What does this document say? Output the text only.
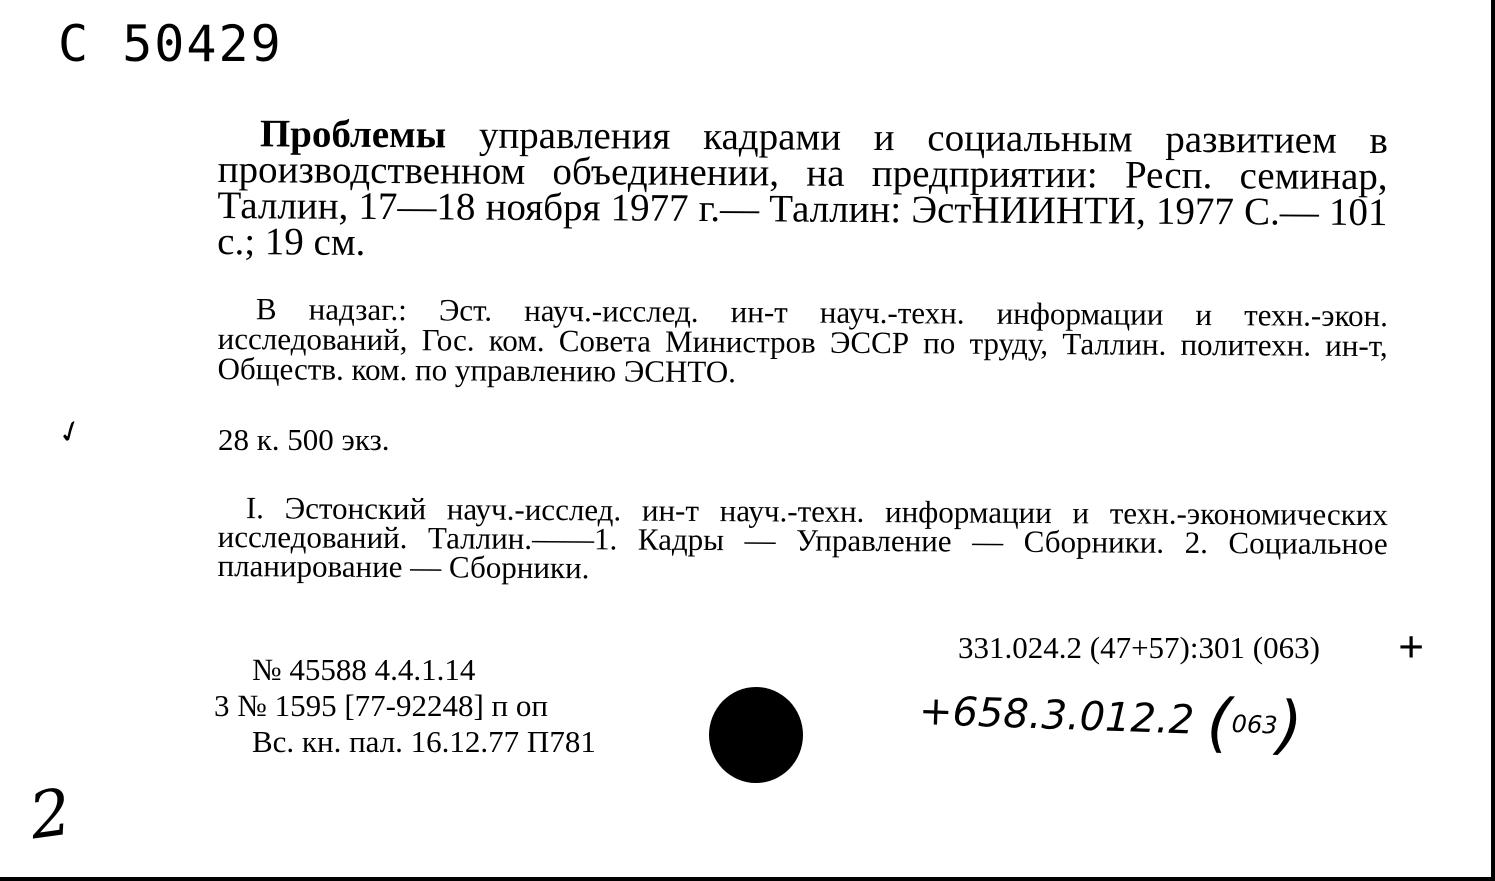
С 50429
Проблемы управления кадрами и социальным развитием в производственном объединении, на предприятии: Респ. семинар, Таллин, 17—18 ноября 1977 г.— Таллин: ЭстНИИНТИ, 1977 С.— 101 с.; 19 см.
В надзаг.: Эст. науч.-исслед. ин-т науч.-техн. информации и техн.-экон. исследований, Гос. ком. Совета Министров ЭССР по труду, Таллин. политехн. ин-т, Обществ. ком. по управлению ЭСНТО.
✓	28 к. 500 экз.
I. Эстонский науч.-исслед. ин-т науч.-техн. информации и техн.-экономических исследований. Таллин.——1. Кадры — Управление — Сборники. 2. Социальное планирование — Сборники.
331.024.2 (47+57):301 (063) +
№ 45588 4.4.1.14
3 № 1595 [77-92248] п оп
Вс. кн. пал. 16.12.77 П781	+658.3.012.2 (063)
2
